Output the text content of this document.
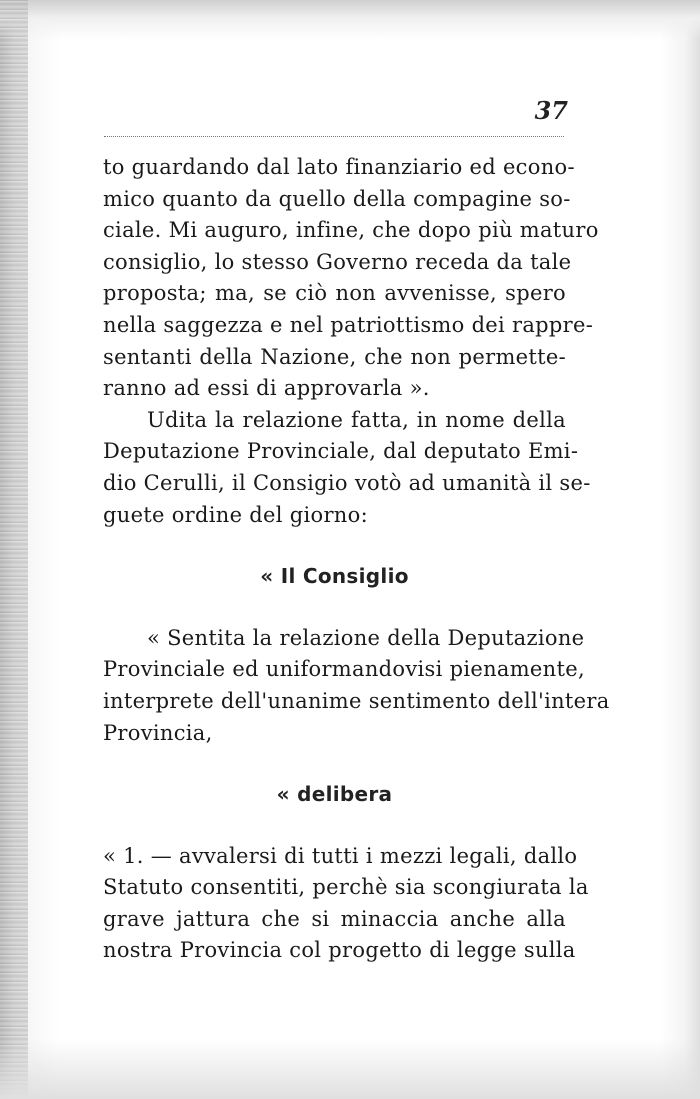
37
to guardando dal lato finanziario ed econo-
mico quanto da quello della compagine so-
ciale. Mi auguro, infine, che dopo più maturo
consiglio, lo stesso Governo receda da tale
proposta; ma, se ciò non avvenisse, spero
nella saggezza e nel patriottismo dei rappre-
sentanti della Nazione, che non permette-
ranno ad essi di approvarla ».
Udita la relazione fatta, in nome della
Deputazione Provinciale, dal deputato Emi-
dio Cerulli, il Consigio votò ad umanità il se-
guete ordine del giorno:
« Il Consiglio
« Sentita la relazione della Deputazione
Provinciale ed uniformandovisi pienamente,
interprete dell'unanime sentimento dell'intera
Provincia,
« delibera
« 1. — avvalersi di tutti i mezzi legali, dallo
Statuto consentiti, perchè sia scongiurata la
grave jattura che si minaccia anche alla
nostra Provincia col progetto di legge sulla
